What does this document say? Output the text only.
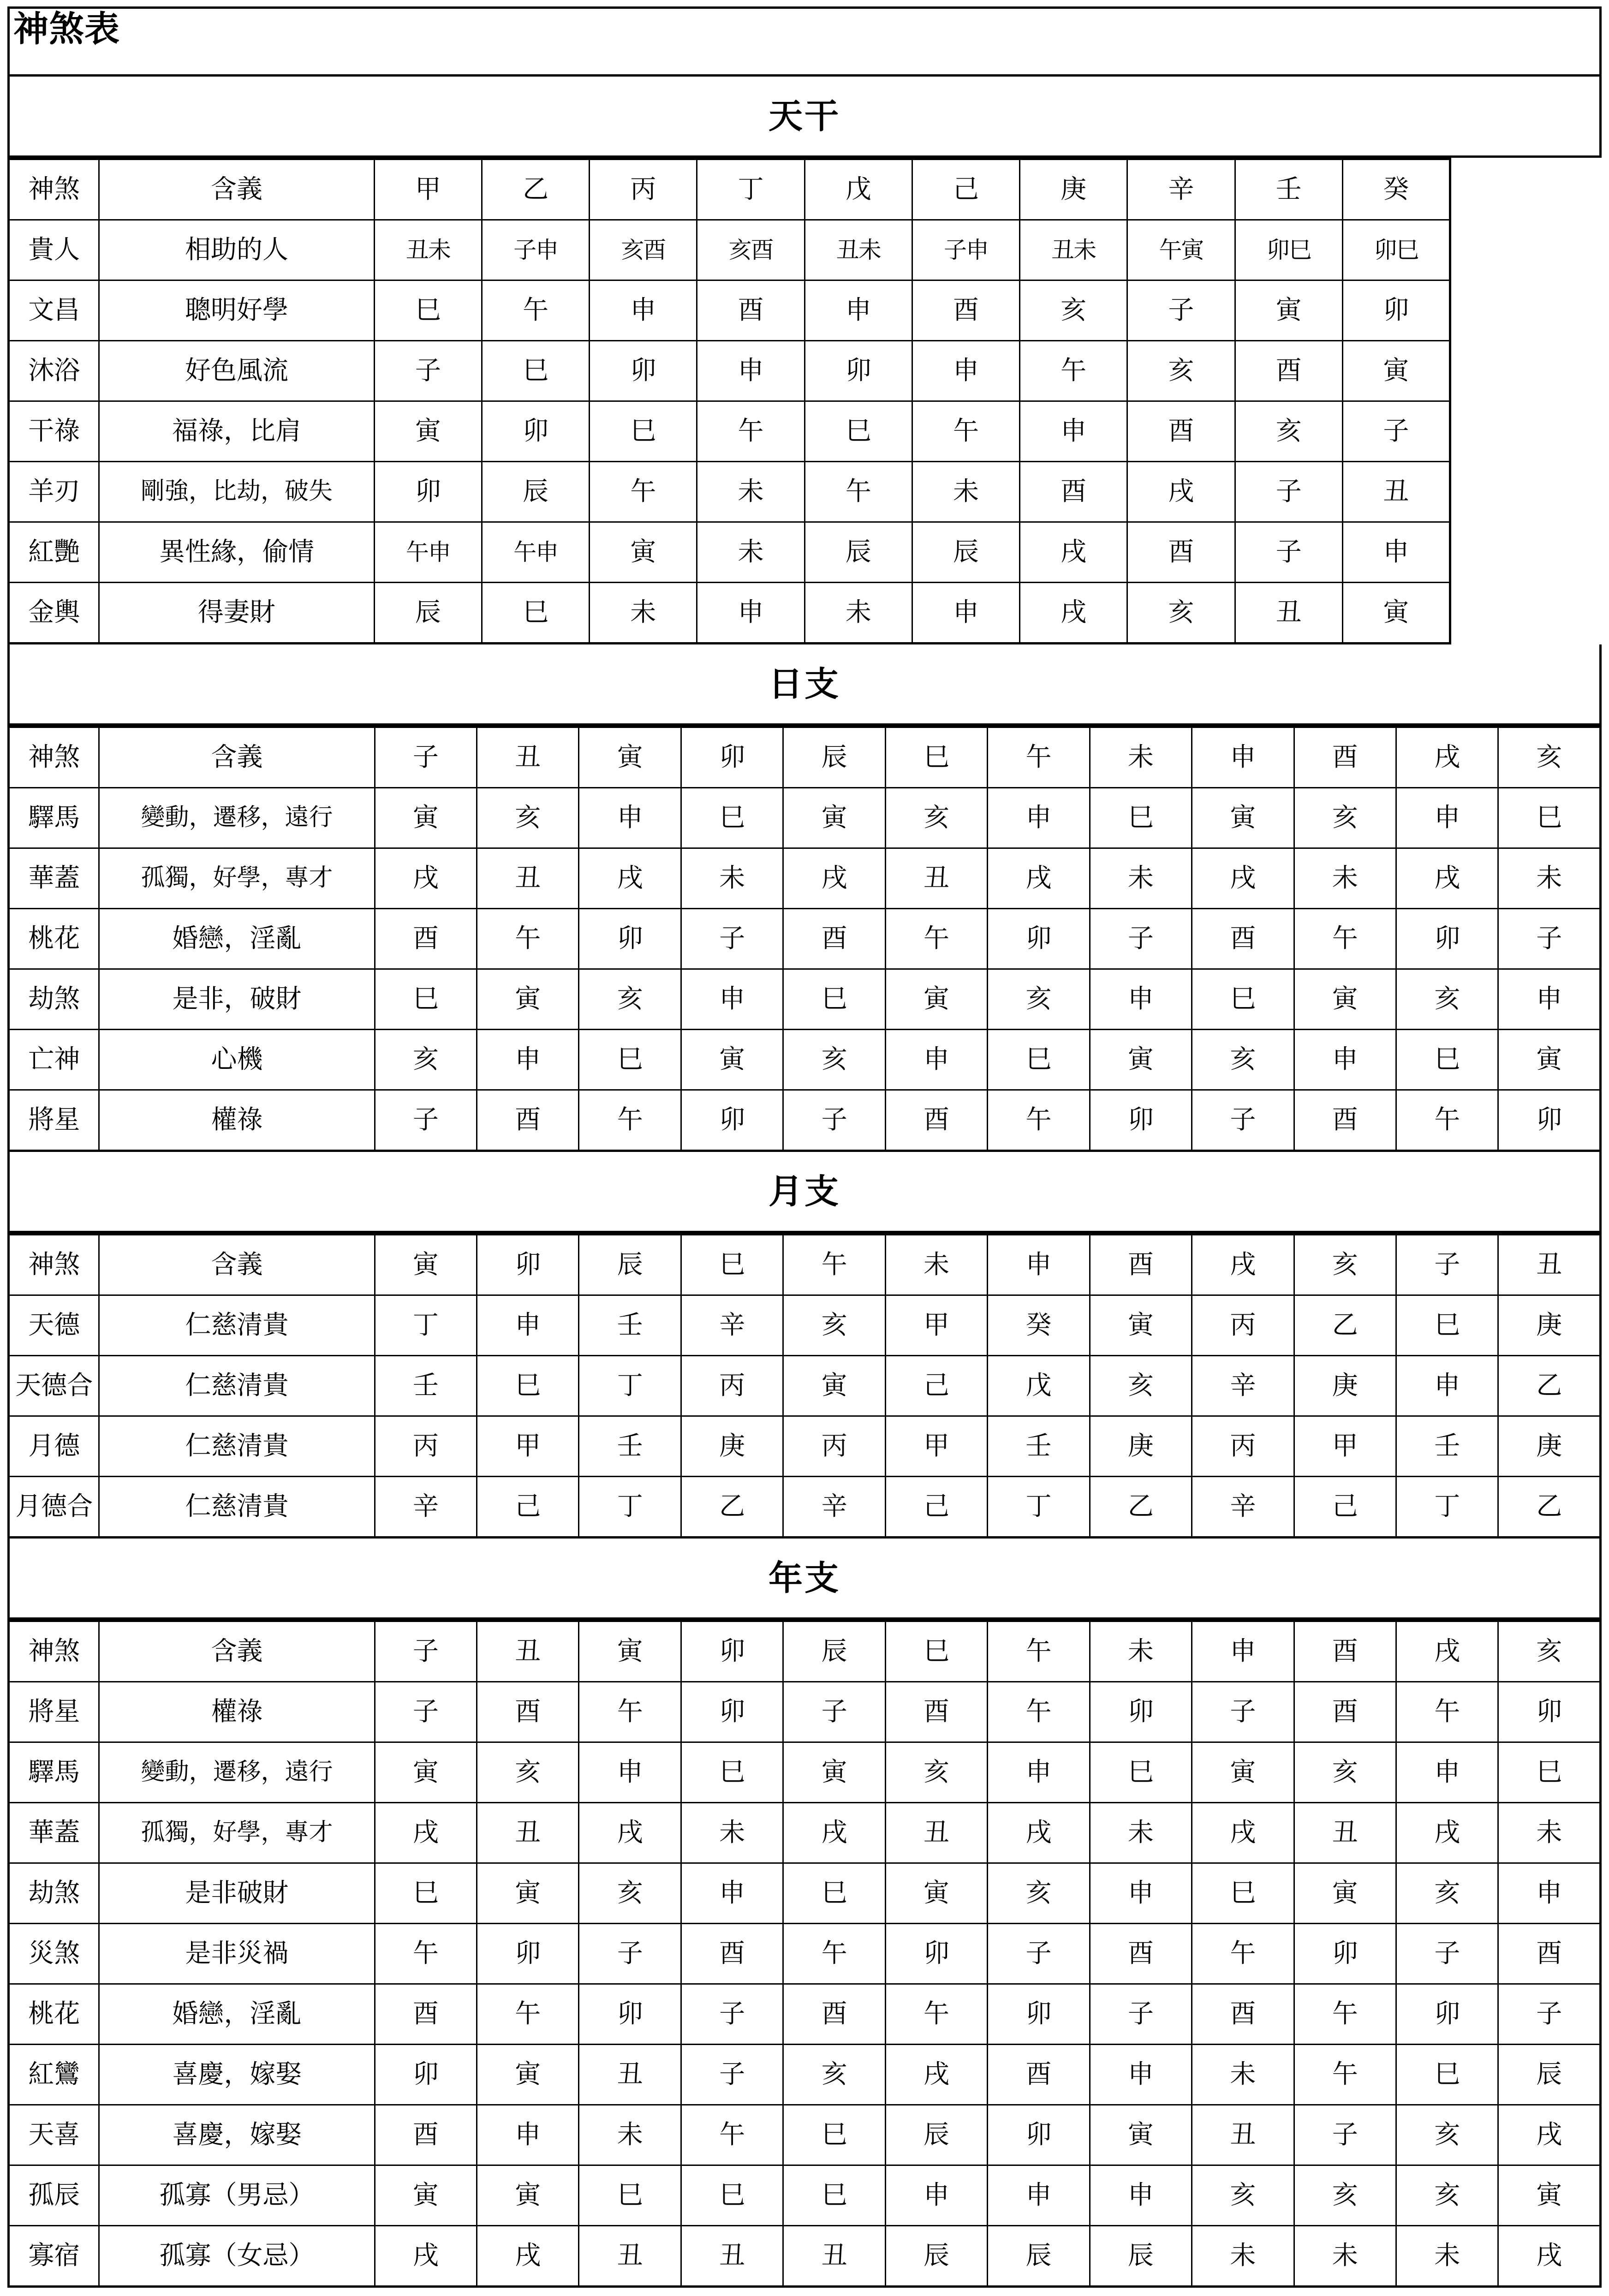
神煞表
天干
神煞	含義	甲	乙	丙	丁	戊	己	庚	辛	壬	癸
貴人	相助的人	丑未	子申	亥酉	亥酉	丑未	子申	丑未	午寅	卯巳	卯巳
文昌	聰明好學	巳	午	申	酉	申	酉	亥	子	寅	卯
沐浴	好色風流	子	巳	卯	申	卯	申	午	亥	酉	寅
干祿	福祿，比肩	寅	卯	巳	午	巳	午	申	酉	亥	子
羊刃	剛強，比劫，破失	卯	辰	午	未	午	未	酉	戌	子	丑
紅艷	異性緣，偷情	午申	午申	寅	未	辰	辰	戌	酉	子	申
金輿	得妻財	辰	巳	未	申	未	申	戌	亥	丑	寅
日支
神煞	含義	子	丑	寅	卯	辰	巳	午	未	申	酉	戌	亥
驛馬	變動，遷移，遠行	寅	亥	申	巳	寅	亥	申	巳	寅	亥	申	巳
華蓋	孤獨，好學，專才	戌	丑	戌	未	戌	丑	戌	未	戌	未	戌	未
桃花	婚戀，淫亂	酉	午	卯	子	酉	午	卯	子	酉	午	卯	子
劫煞	是非，破財	巳	寅	亥	申	巳	寅	亥	申	巳	寅	亥	申
亡神	心機	亥	申	巳	寅	亥	申	巳	寅	亥	申	巳	寅
將星	權祿	子	酉	午	卯	子	酉	午	卯	子	酉	午	卯
月支
神煞	含義	寅	卯	辰	巳	午	未	申	酉	戌	亥	子	丑
天德	仁慈清貴	丁	申	壬	辛	亥	甲	癸	寅	丙	乙	巳	庚
天德合	仁慈清貴	壬	巳	丁	丙	寅	己	戊	亥	辛	庚	申	乙
月德	仁慈清貴	丙	甲	壬	庚	丙	甲	壬	庚	丙	甲	壬	庚
月德合	仁慈清貴	辛	己	丁	乙	辛	己	丁	乙	辛	己	丁	乙
年支
神煞	含義	子	丑	寅	卯	辰	巳	午	未	申	酉	戌	亥
將星	權祿	子	酉	午	卯	子	酉	午	卯	子	酉	午	卯
驛馬	變動，遷移，遠行	寅	亥	申	巳	寅	亥	申	巳	寅	亥	申	巳
華蓋	孤獨，好學，專才	戌	丑	戌	未	戌	丑	戌	未	戌	丑	戌	未
劫煞	是非破財	巳	寅	亥	申	巳	寅	亥	申	巳	寅	亥	申
災煞	是非災禍	午	卯	子	酉	午	卯	子	酉	午	卯	子	酉
桃花	婚戀，淫亂	酉	午	卯	子	酉	午	卯	子	酉	午	卯	子
紅鸞	喜慶，嫁娶	卯	寅	丑	子	亥	戌	酉	申	未	午	巳	辰
天喜	喜慶，嫁娶	酉	申	未	午	巳	辰	卯	寅	丑	子	亥	戌
孤辰	孤寡（男忌）	寅	寅	巳	巳	巳	申	申	申	亥	亥	亥	寅
寡宿	孤寡（女忌）	戌	戌	丑	丑	丑	辰	辰	辰	未	未	未	戌
